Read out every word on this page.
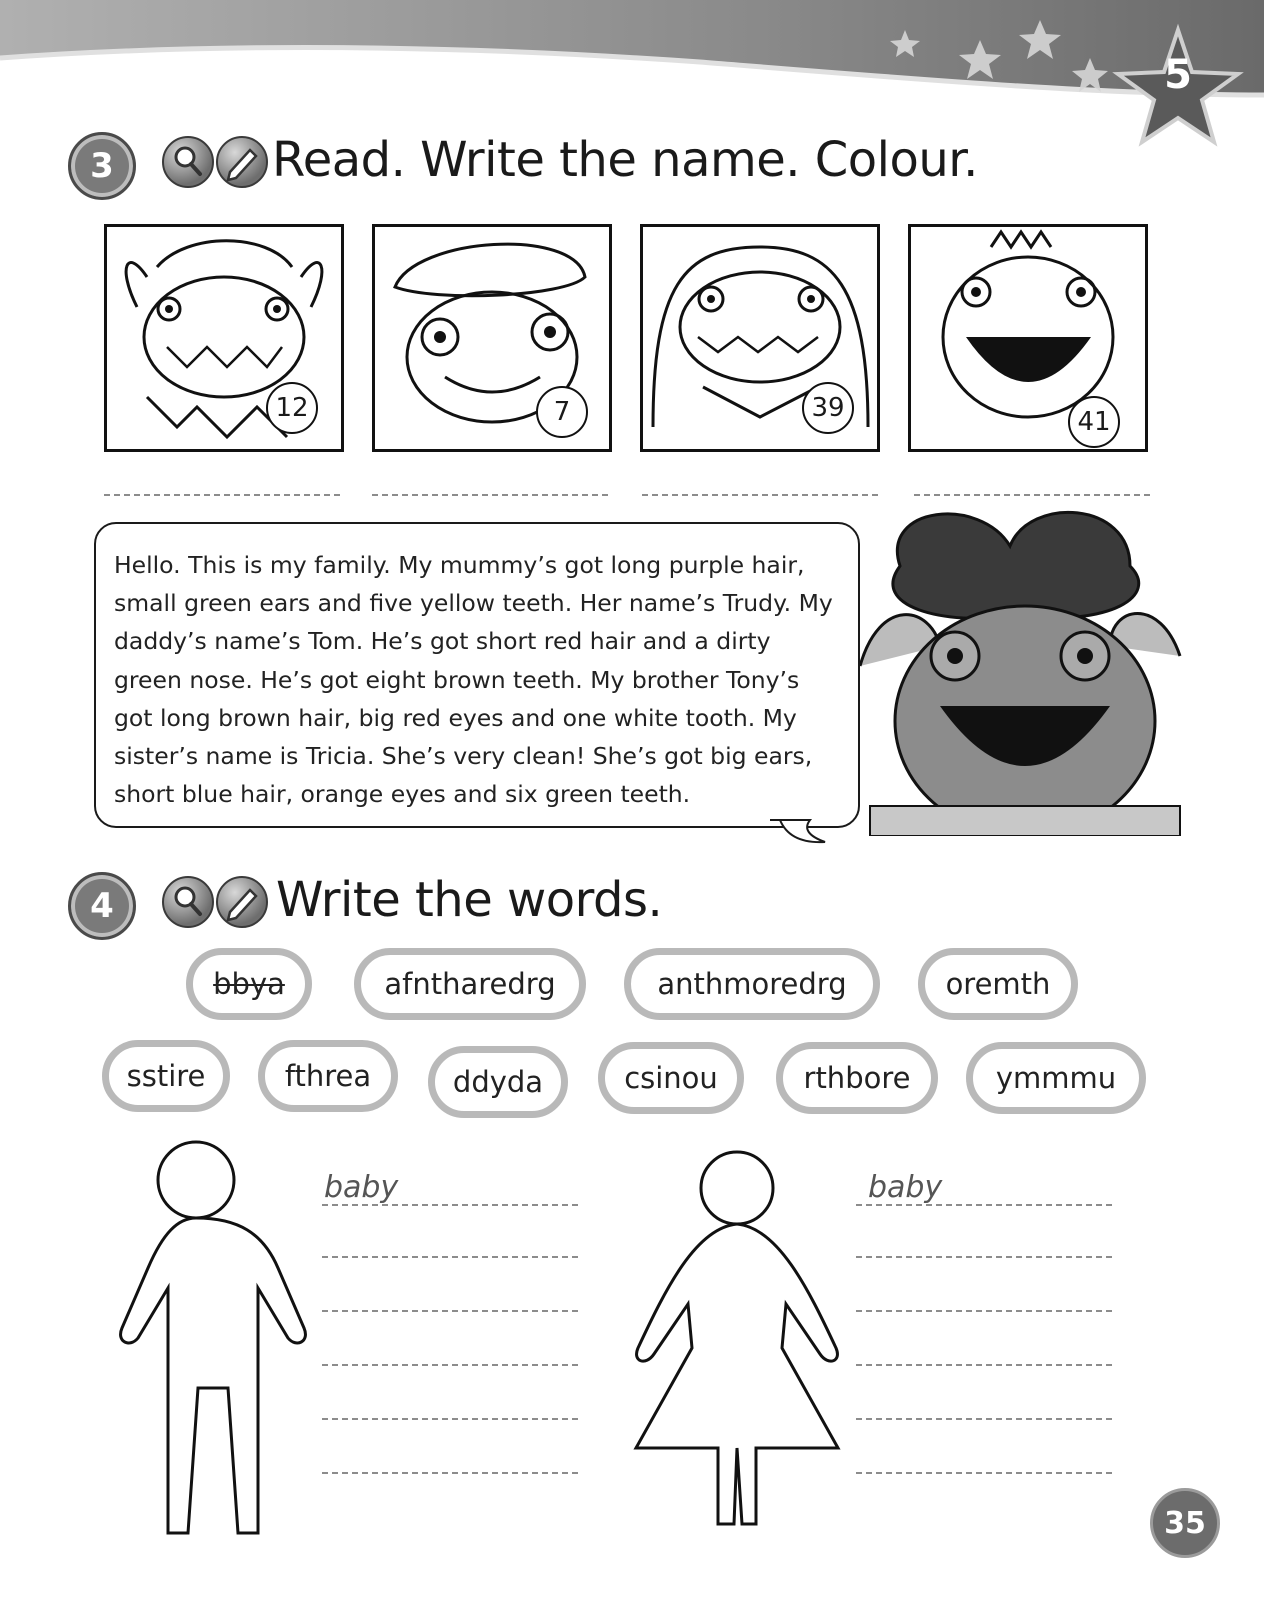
5
3	Read. Write the name. Colour.
12	7	39	41
Hello. This is my family. My mummy’s got long purple hair, small green ears and five yellow teeth. Her name’s Trudy. My daddy’s name’s Tom. He’s got short red hair and a dirty green nose. He’s got eight brown teeth. My brother Tony’s got long brown hair, big red eyes and one white tooth. My sister’s name is Tricia. She’s very clean! She’s got big ears, short blue hair, orange eyes and six green teeth.
4	Write the words.
bbya	afntharedrg	anthmoredrg	oremth
sstire	fthrea	ddyda	csinou	rthbore	ymmmu
baby	baby
35
